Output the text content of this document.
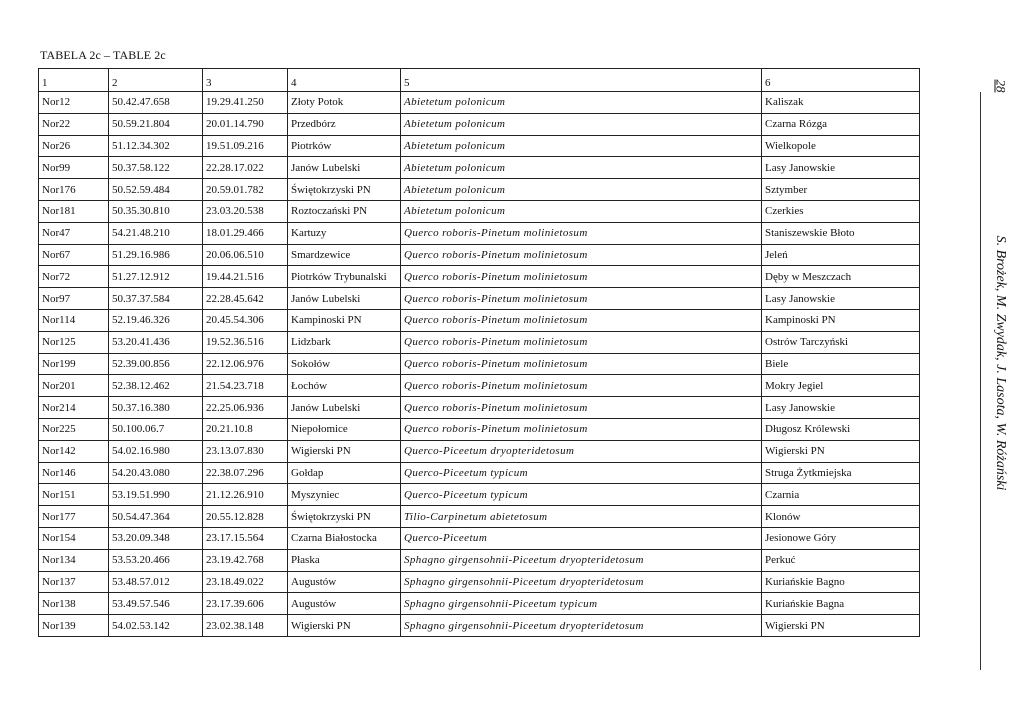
TABELA 2c – TABLE 2c
1	2	3	4	5	6
Nor12	50.42.47.658	19.29.41.250	Złoty Potok	Abietetum polonicum	Kaliszak
Nor22	50.59.21.804	20.01.14.790	Przedbórz	Abietetum polonicum	Czarna Rózga
Nor26	51.12.34.302	19.51.09.216	Piotrków	Abietetum polonicum	Wielkopole
Nor99	50.37.58.122	22.28.17.022	Janów Lubelski	Abietetum polonicum	Lasy Janowskie
Nor176	50.52.59.484	20.59.01.782	Świętokrzyski PN	Abietetum polonicum	Sztymber
Nor181	50.35.30.810	23.03.20.538	Roztoczański PN	Abietetum polonicum	Czerkies
Nor47	54.21.48.210	18.01.29.466	Kartuzy	Querco roboris-Pinetum molinietosum	Staniszewskie Błoto
Nor67	51.29.16.986	20.06.06.510	Smardzewice	Querco roboris-Pinetum molinietosum	Jeleń
Nor72	51.27.12.912	19.44.21.516	Piotrków Trybunalski	Querco roboris-Pinetum molinietosum	Dęby w Meszczach
Nor97	50.37.37.584	22.28.45.642	Janów Lubelski	Querco roboris-Pinetum molinietosum	Lasy Janowskie
Nor114	52.19.46.326	20.45.54.306	Kampinoski PN	Querco roboris-Pinetum molinietosum	Kampinoski PN
Nor125	53.20.41.436	19.52.36.516	Lidzbark	Querco roboris-Pinetum molinietosum	Ostrów Tarczyński
Nor199	52.39.00.856	22.12.06.976	Sokołów	Querco roboris-Pinetum molinietosum	Biele
Nor201	52.38.12.462	21.54.23.718	Łochów	Querco roboris-Pinetum molinietosum	Mokry Jegiel
Nor214	50.37.16.380	22.25.06.936	Janów Lubelski	Querco roboris-Pinetum molinietosum	Lasy Janowskie
Nor225	50.100.06.7	20.21.10.8	Niepołomice	Querco roboris-Pinetum molinietosum	Długosz Królewski
Nor142	54.02.16.980	23.13.07.830	Wigierski PN	Querco-Piceetum dryopteridetosum	Wigierski PN
Nor146	54.20.43.080	22.38.07.296	Gołdap	Querco-Piceetum typicum	Struga Żytkmiejska
Nor151	53.19.51.990	21.12.26.910	Myszyniec	Querco-Piceetum typicum	Czarnia
Nor177	50.54.47.364	20.55.12.828	Świętokrzyski PN	Tilio-Carpinetum abietetosum	Klonów
Nor154	53.20.09.348	23.17.15.564	Czarna Białostocka	Querco-Piceetum	Jesionowe Góry
Nor134	53.53.20.466	23.19.42.768	Płaska	Sphagno girgensohnii-Piceetum dryopteridetosum	Perkuć
Nor137	53.48.57.012	23.18.49.022	Augustów	Sphagno girgensohnii-Piceetum dryopteridetosum	Kuriańskie Bagno
Nor138	53.49.57.546	23.17.39.606	Augustów	Sphagno girgensohnii-Piceetum typicum	Kuriańskie Bagna
Nor139	54.02.53.142	23.02.38.148	Wigierski PN	Sphagno girgensohnii-Piceetum dryopteridetosum	Wigierski PN
28
S. Brożek, M. Zwydak, J. Lasota, W. Różański
